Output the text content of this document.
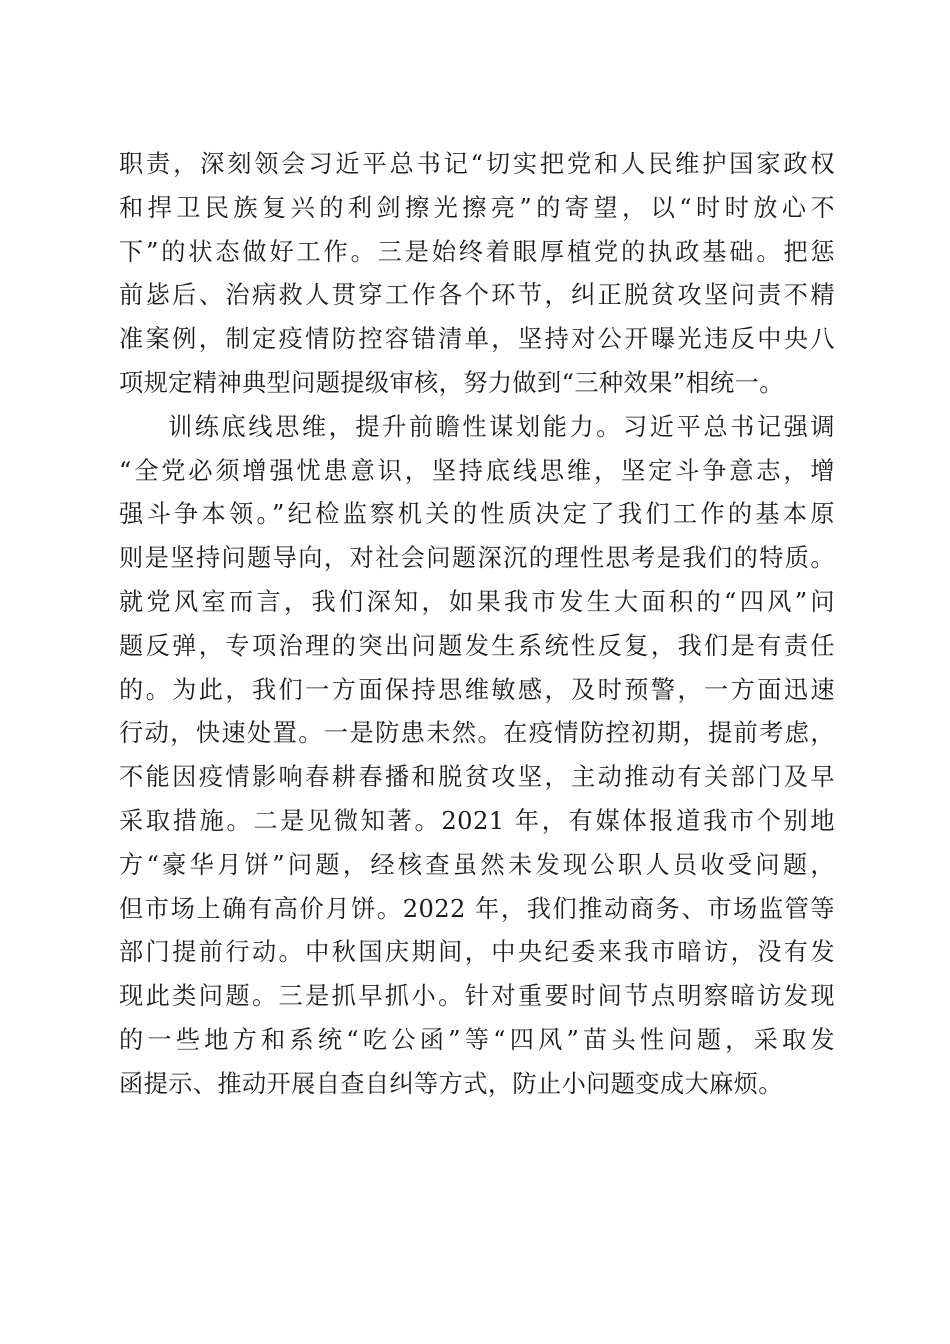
职责，深刻领会习近平总书记“切实把党和人民维护国家政权
和捍卫民族复兴的利剑擦光擦亮”的寄望，以“时时放心不
下”的状态做好工作。三是始终着眼厚植党的执政基础。把惩
前毖后、治病救人贯穿工作各个环节，纠正脱贫攻坚问责不精
准案例，制定疫情防控容错清单，坚持对公开曝光违反中央八
项规定精神典型问题提级审核，努力做到“三种效果”相统一。
训练底线思维，提升前瞻性谋划能力。习近平总书记强调
“全党必须增强忧患意识，坚持底线思维，坚定斗争意志，增
强斗争本领。”纪检监察机关的性质决定了我们工作的基本原
则是坚持问题导向，对社会问题深沉的理性思考是我们的特质。
就党风室而言，我们深知，如果我市发生大面积的“四风”问
题反弹，专项治理的突出问题发生系统性反复，我们是有责任
的。为此，我们一方面保持思维敏感，及时预警，一方面迅速
行动，快速处置。一是防患未然。在疫情防控初期，提前考虑，
不能因疫情影响春耕春播和脱贫攻坚，主动推动有关部门及早
采取措施。二是见微知著。2021 年，有媒体报道我市个别地
方“豪华月饼”问题，经核查虽然未发现公职人员收受问题，
但市场上确有高价月饼。2022 年，我们推动商务、市场监管等
部门提前行动。中秋国庆期间，中央纪委来我市暗访，没有发
现此类问题。三是抓早抓小。针对重要时间节点明察暗访发现
的一些地方和系统“吃公函”等“四风”苗头性问题，采取发
函提示、推动开展自查自纠等方式，防止小问题变成大麻烦。
